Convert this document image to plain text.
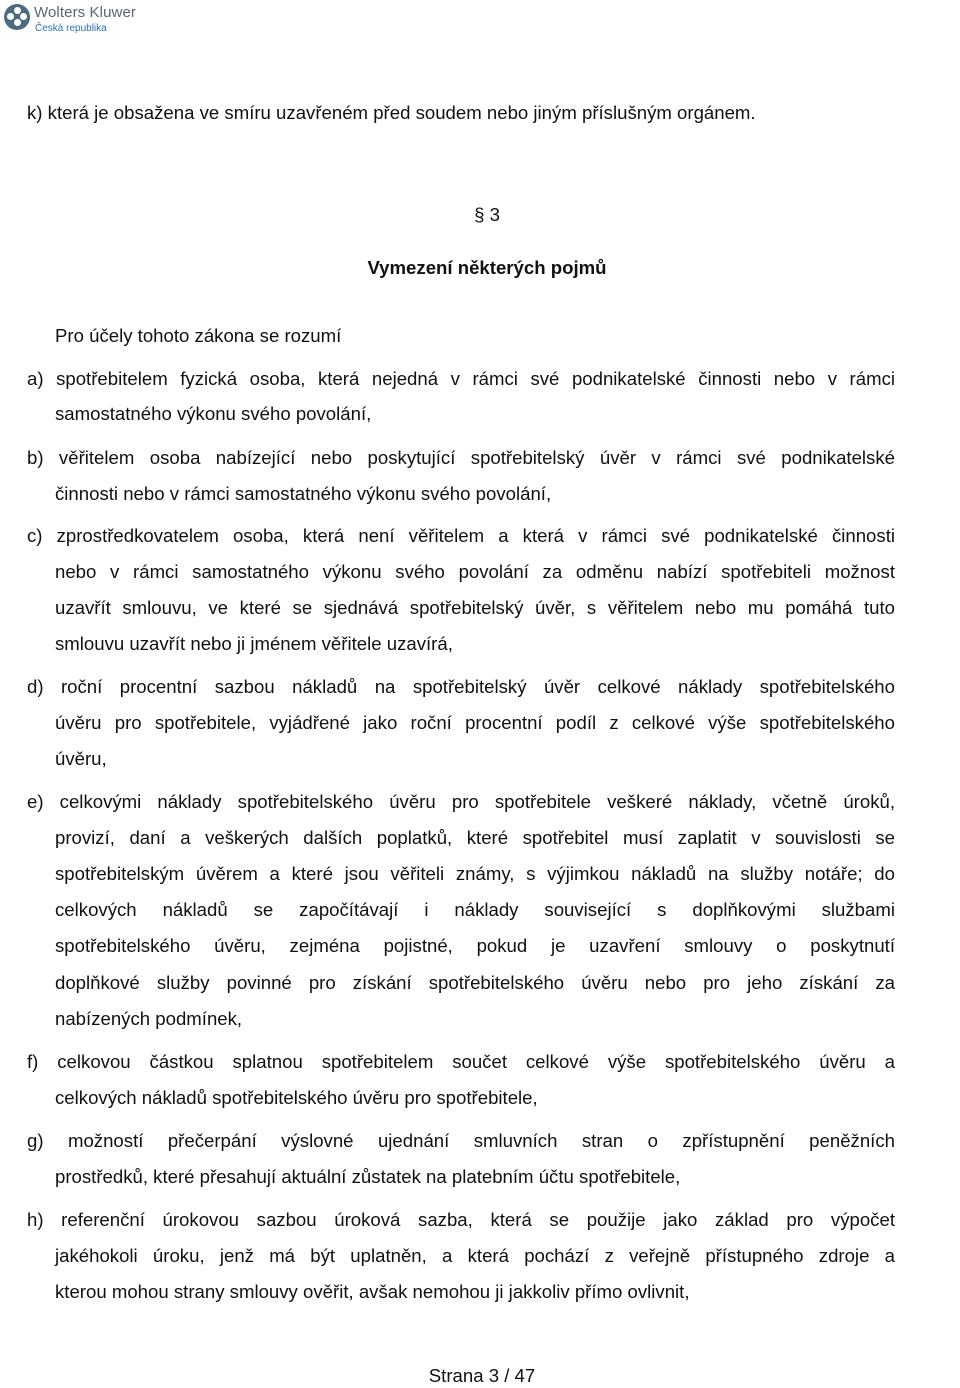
Wolters Kluwer
Česká republika
k) která je obsažena ve smíru uzavřeném před soudem nebo jiným příslušným orgánem.
§ 3
Vymezení některých pojmů
Pro účely tohoto zákona se rozumí
a) spotřebitelem fyzická osoba, která nejedná v rámci své podnikatelské činnosti nebo v rámci
samostatného výkonu svého povolání,
b) věřitelem osoba nabízející nebo poskytující spotřebitelský úvěr v rámci své podnikatelské
činnosti nebo v rámci samostatného výkonu svého povolání,
c) zprostředkovatelem osoba, která není věřitelem a která v rámci své podnikatelské činnosti
nebo v rámci samostatného výkonu svého povolání za odměnu nabízí spotřebiteli možnost
uzavřít smlouvu, ve které se sjednává spotřebitelský úvěr, s věřitelem nebo mu pomáhá tuto
smlouvu uzavřít nebo ji jménem věřitele uzavírá,
d) roční procentní sazbou nákladů na spotřebitelský úvěr celkové náklady spotřebitelského
úvěru pro spotřebitele, vyjádřené jako roční procentní podíl z celkové výše spotřebitelského
úvěru,
e) celkovými náklady spotřebitelského úvěru pro spotřebitele veškeré náklady, včetně úroků,
provizí, daní a veškerých dalších poplatků, které spotřebitel musí zaplatit v souvislosti se
spotřebitelským úvěrem a které jsou věřiteli známy, s výjimkou nákladů na služby notáře; do
celkových nákladů se započítávají i náklady související s doplňkovými službami
spotřebitelského úvěru, zejména pojistné, pokud je uzavření smlouvy o poskytnutí
doplňkové služby povinné pro získání spotřebitelského úvěru nebo pro jeho získání za
nabízených podmínek,
f) celkovou částkou splatnou spotřebitelem součet celkové výše spotřebitelského úvěru a
celkových nákladů spotřebitelského úvěru pro spotřebitele,
g) možností přečerpání výslovné ujednání smluvních stran o zpřístupnění peněžních
prostředků, které přesahují aktuální zůstatek na platebním účtu spotřebitele,
h) referenční úrokovou sazbou úroková sazba, která se použije jako základ pro výpočet
jakéhokoli úroku, jenž má být uplatněn, a která pochází z veřejně přístupného zdroje a
kterou mohou strany smlouvy ověřit, avšak nemohou ji jakkoliv přímo ovlivnit,
Strana 3 / 47
